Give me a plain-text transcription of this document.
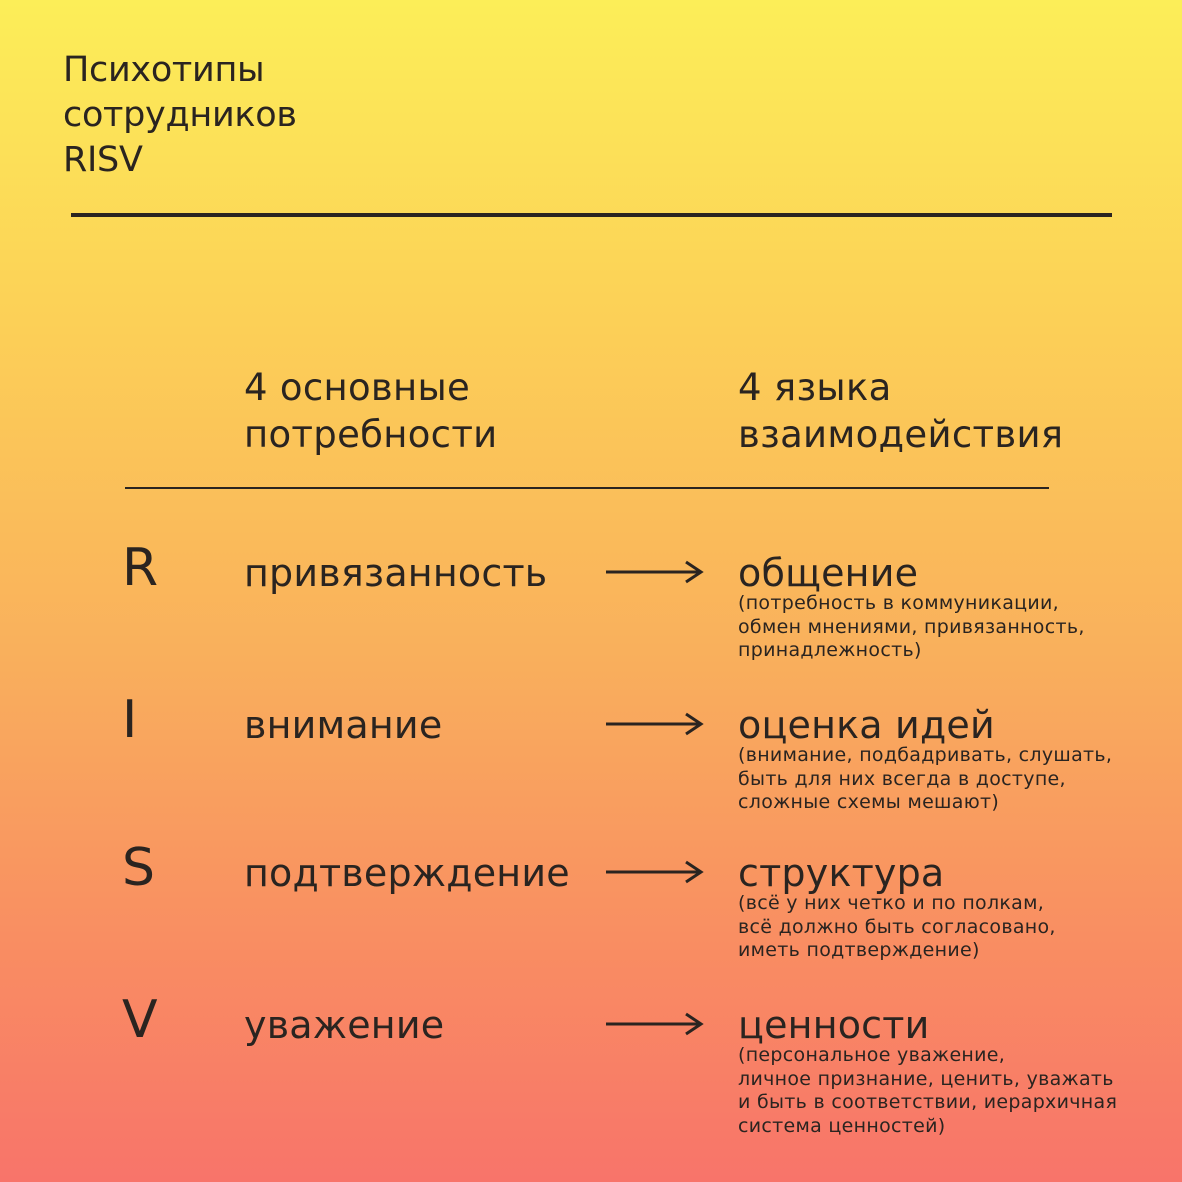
Психотипы
сотрудников
RISV
4 основные
потребности
4 языка
взаимодействия
R привязанность	общение
(потребность в коммуникации,
обмен мнениями, привязанность,
принадлежность)
I	внимание	оценка идей
(внимание, подбадривать, слушать,
быть для них всегда в доступе,
сложные схемы мешают)
S подтверждение	структура
(всё у них четко и по полкам,
всё должно быть согласовано,
иметь подтверждение)
V уважение	ценности
(персональное уважение,
личное признание, ценить, уважать
и быть в соответствии, иерархичная
система ценностей)
